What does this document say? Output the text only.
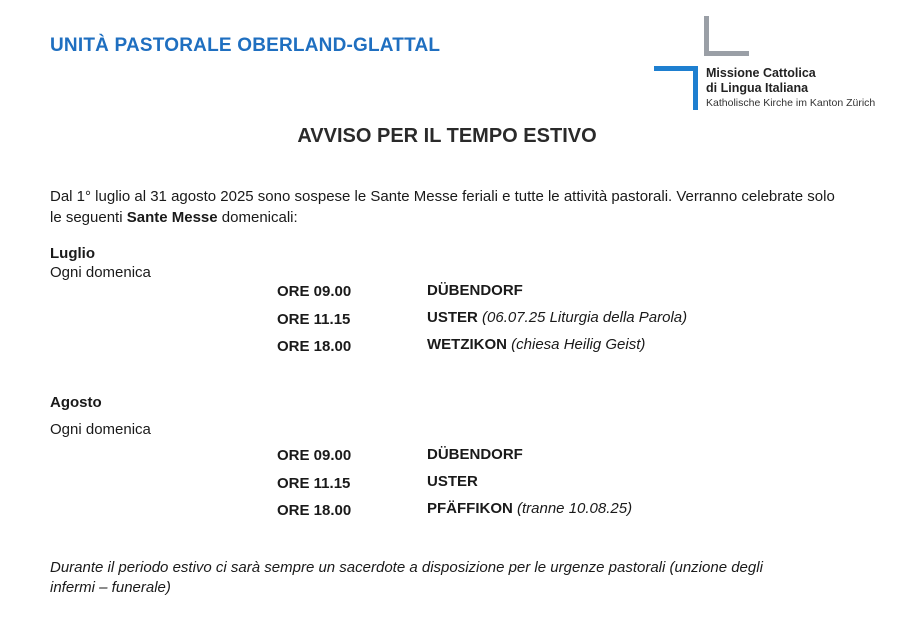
UNITÀ PASTORALE OBERLAND-GLATTAL
Missione Cattolica
di Lingua Italiana
Katholische Kirche im Kanton Zürich
AVVISO PER IL TEMPO ESTIVO
Dal 1° luglio al 31 agosto 2025 sono sospese le Sante Messe feriali e tutte le attività pastorali. Verranno celebrate solo le seguenti Sante Messe domenicali:
Luglio
Ogni domenica
ORE 09.00	DÜBENDORF
ORE 11.15	USTER (06.07.25 Liturgia della Parola)
ORE 18.00	WETZIKON (chiesa Heilig Geist)
Agosto
Ogni domenica
ORE 09.00	DÜBENDORF
ORE 11.15	USTER
ORE 18.00	PFÄFFIKON (tranne 10.08.25)
Durante il periodo estivo ci sarà sempre un sacerdote a disposizione per le urgenze pastorali (unzione degli infermi – funerale)
